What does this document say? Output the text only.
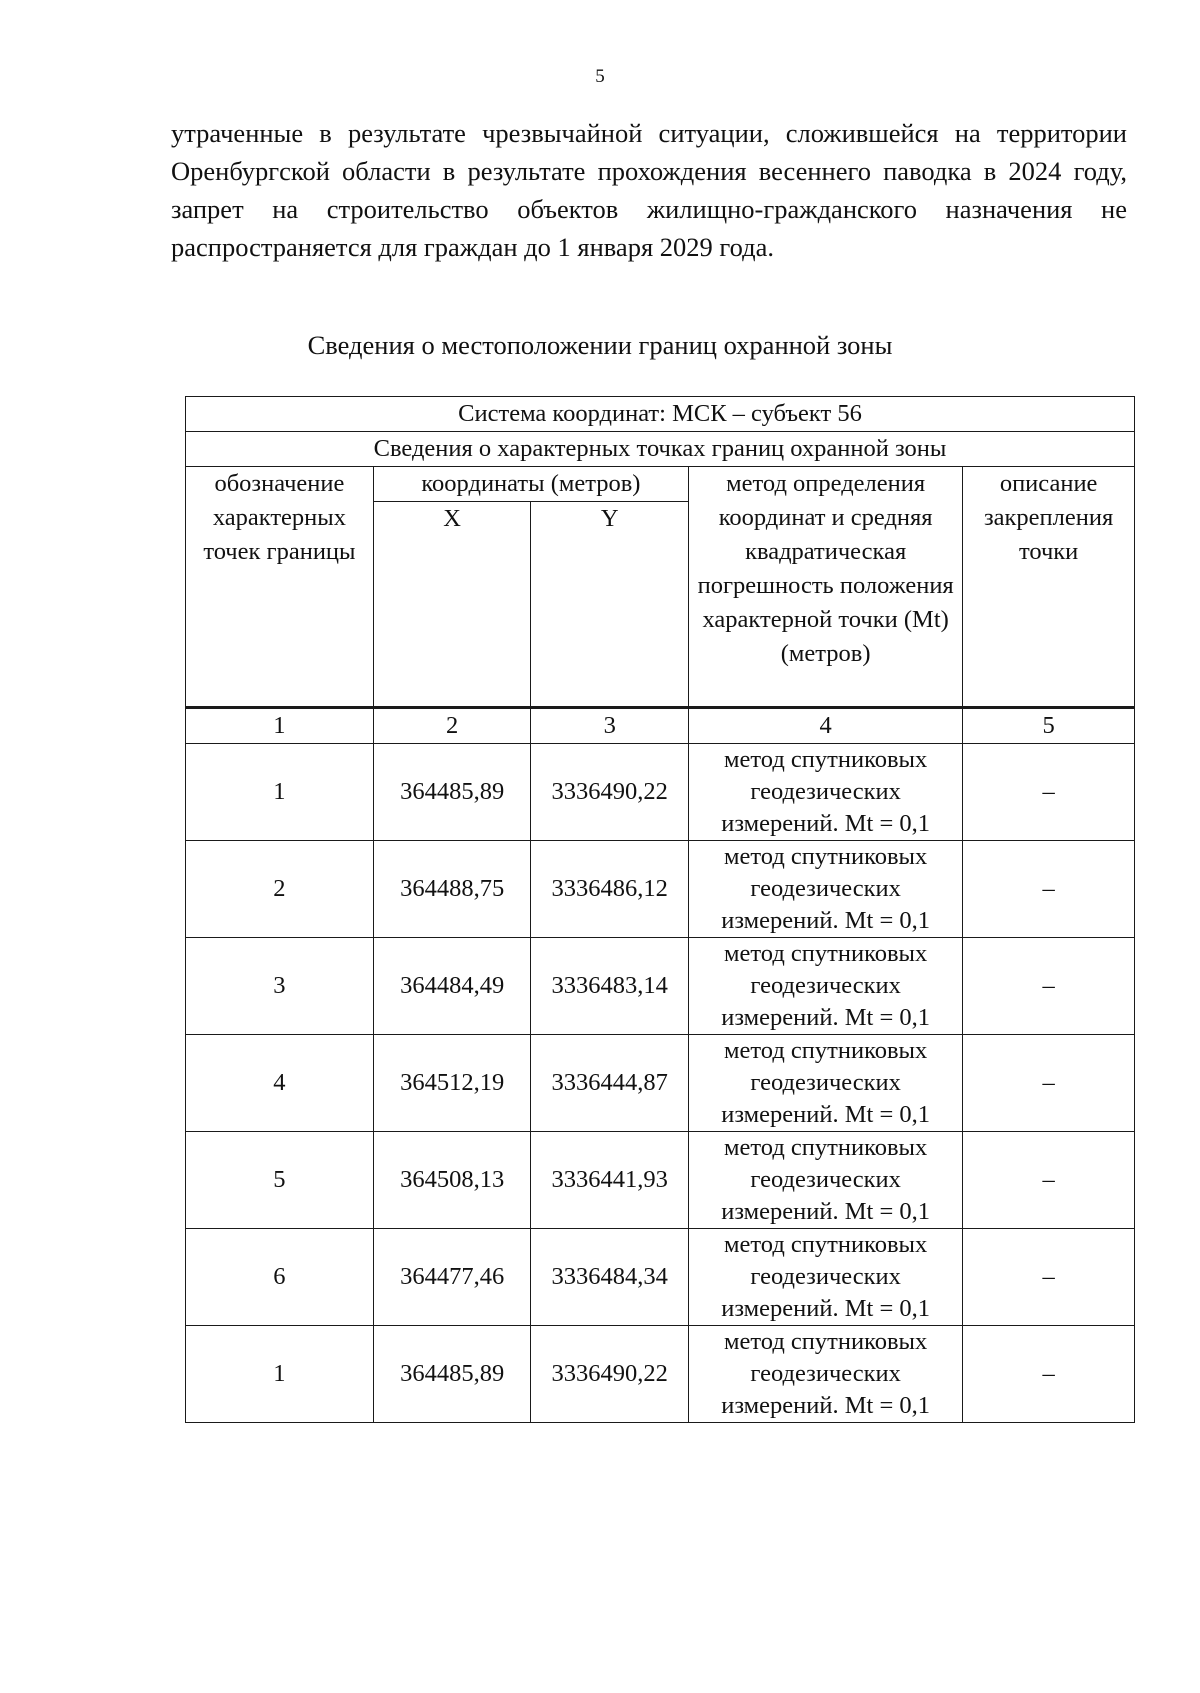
5

утраченные в результате чрезвычайной ситуации, сложившейся на территории Оренбургской области в результате прохождения весеннего паводка в 2024 году, запрет на строительство объектов жилищно-гражданского назначения не распространяется для граждан до 1 января 2029 года.

Сведения о местоположении границ охранной зоны
Система координат: МСК – субъект 56				
Сведения о характерных точках границ охранной зоны				
обозначение характерных точек границы	координаты (метров)		метод определения координат и средняя квадратическая погрешность положения характерной точки (Mt) (метров)	описание закрепления точки
	X	Y		
1	2	3	4	5
1	364485,89	3336490,22	метод спутниковых геодезических измерений. Mt = 0,1	–
2	364488,75	3336486,12	метод спутниковых геодезических измерений. Mt = 0,1	–
3	364484,49	3336483,14	метод спутниковых геодезических измерений. Mt = 0,1	–
4	364512,19	3336444,87	метод спутниковых геодезических измерений. Mt = 0,1	–
5	364508,13	3336441,93	метод спутниковых геодезических измерений. Mt = 0,1	–
6	364477,46	3336484,34	метод спутниковых геодезических измерений. Mt = 0,1	–
1	364485,89	3336490,22	метод спутниковых геодезических измерений. Mt = 0,1	–
